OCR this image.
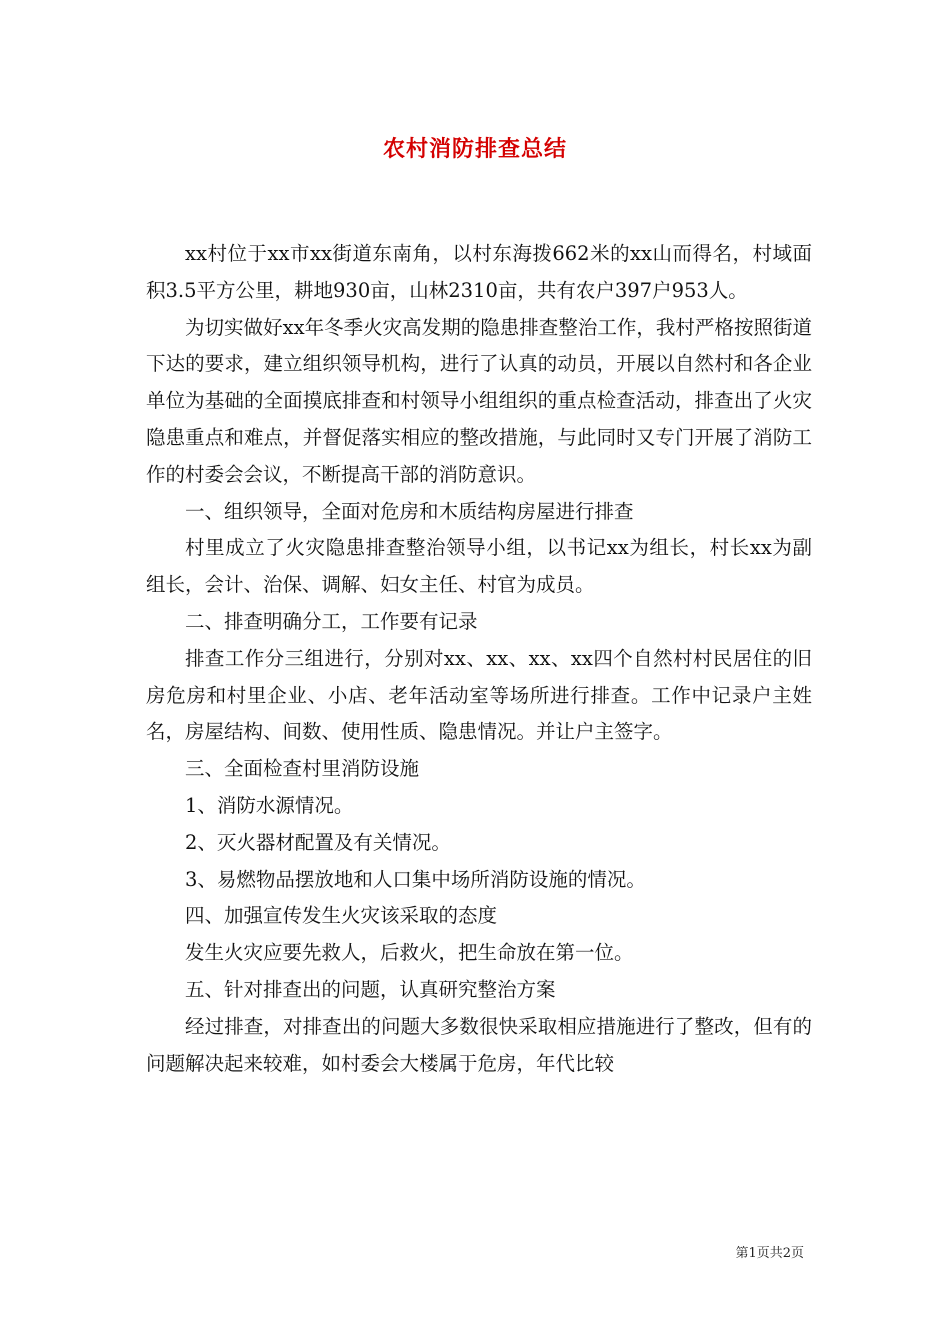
农村消防排查总结

xx村位于xx市xx街道东南角，以村东海拨662米的xx山而得名，村域面积3.5平方公里，耕地930亩，山林2310亩，共有农户397户953人。

为切实做好xx年冬季火灾高发期的隐患排查整治工作，我村严格按照街道下达的要求，建立组织领导机构，进行了认真的动员，开展以自然村和各企业单位为基础的全面摸底排查和村领导小组组织的重点检查活动，排查出了火灾隐患重点和难点，并督促落实相应的整改措施，与此同时又专门开展了消防工作的村委会会议，不断提高干部的消防意识。

一、组织领导，全面对危房和木质结构房屋进行排查

村里成立了火灾隐患排查整治领导小组，以书记xx为组长，村长xx为副组长，会计、治保、调解、妇女主任、村官为成员。

二、排查明确分工，工作要有记录

排查工作分三组进行，分别对xx、xx、xx、xx四个自然村村民居住的旧房危房和村里企业、小店、老年活动室等场所进行排查。工作中记录户主姓名，房屋结构、间数、使用性质、隐患情况。并让户主签字。

三、全面检查村里消防设施

1、消防水源情况。

2、灭火器材配置及有关情况。

3、易燃物品摆放地和人口集中场所消防设施的情况。

四、加强宣传发生火灾该采取的态度

发生火灾应要先救人，后救火，把生命放在第一位。

五、针对排查出的问题，认真研究整治方案

经过排查，对排查出的问题大多数很快采取相应措施进行了整改，但有的问题解决起来较难，如村委会大楼属于危房，年代比较

第1页共2页
